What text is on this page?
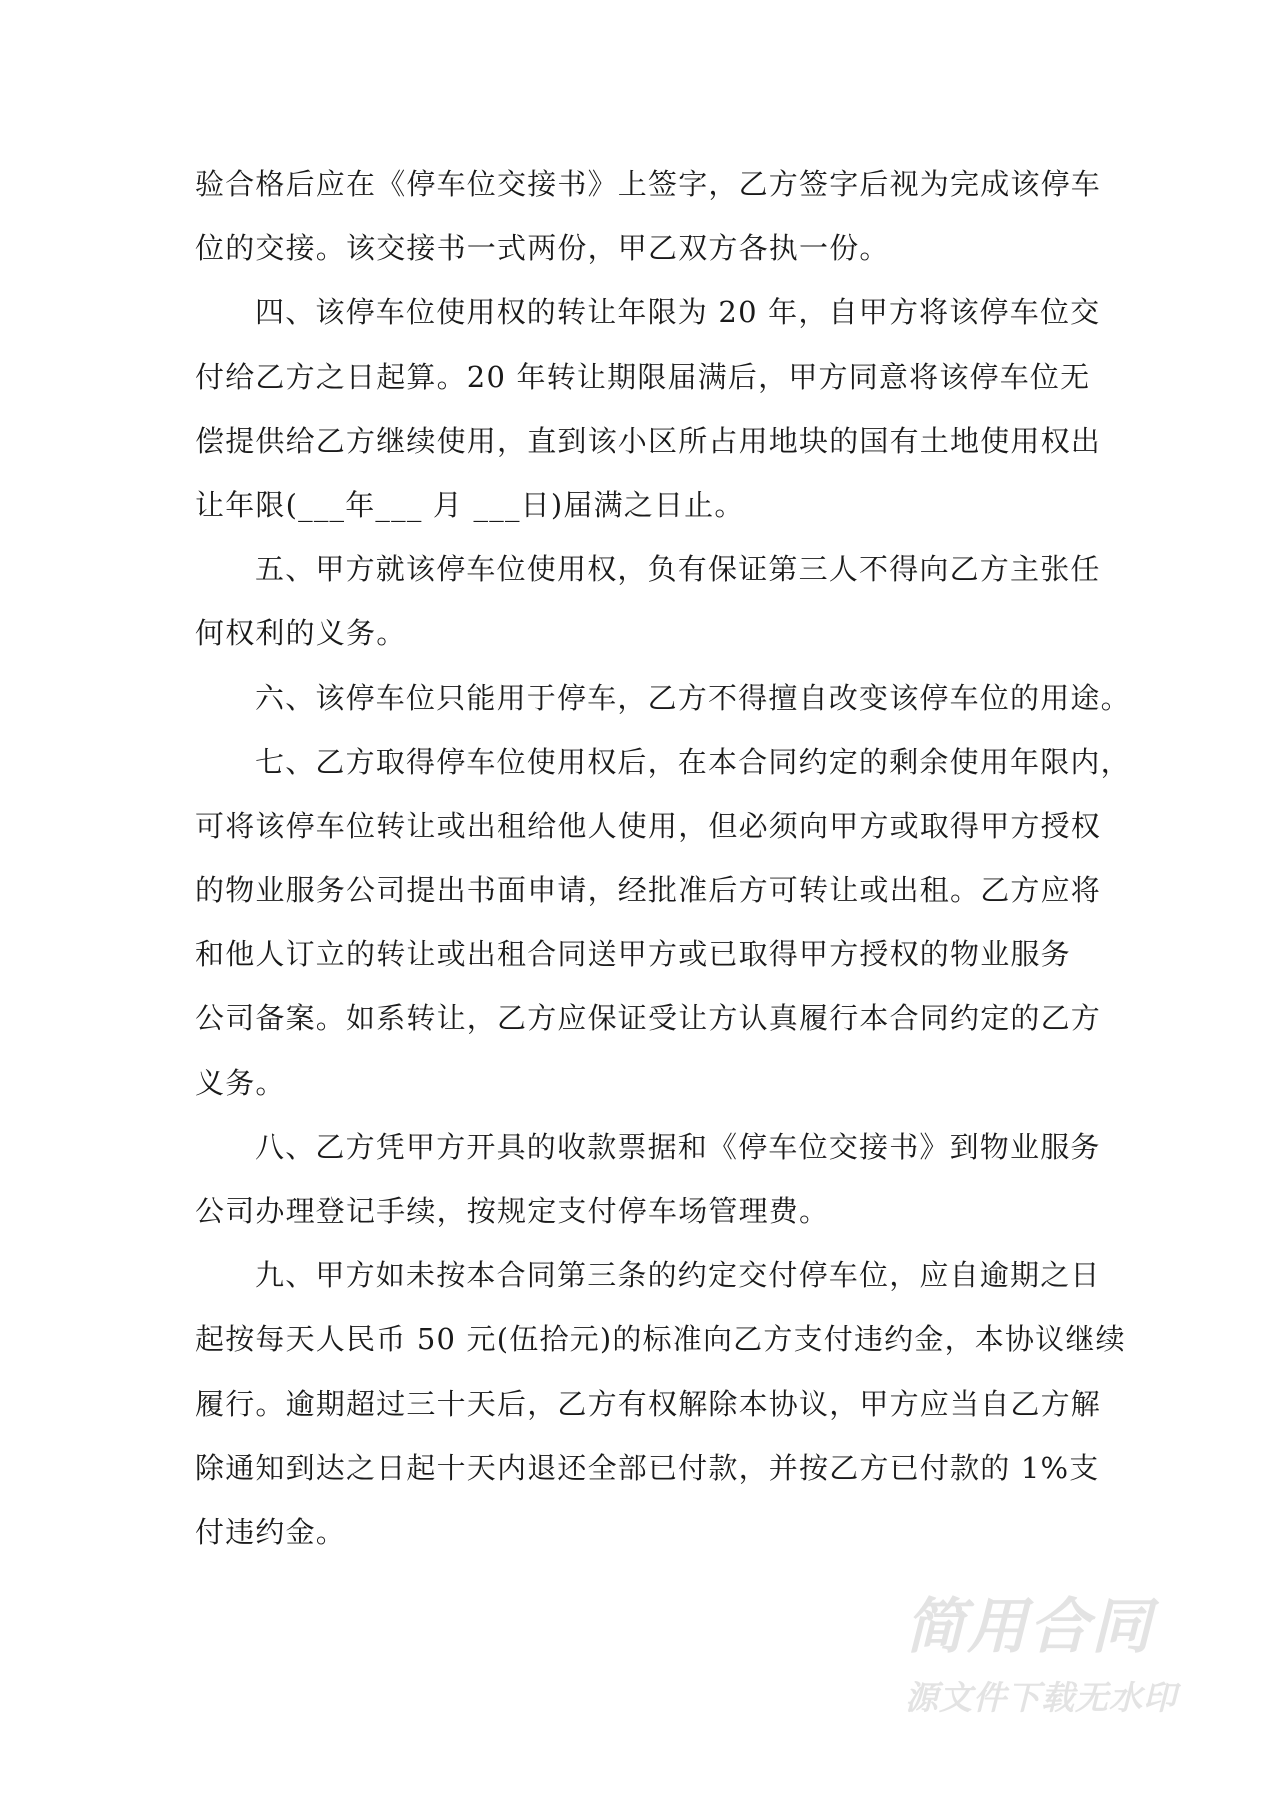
验合格后应在《停车位交接书》上签字，乙方签字后视为完成该停车
位的交接。该交接书一式两份，甲乙双方各执一份。
四、该停车位使用权的转让年限为 20 年，自甲方将该停车位交
付给乙方之日起算。20 年转让期限届满后，甲方同意将该停车位无
偿提供给乙方继续使用，直到该小区所占用地块的国有土地使用权出
让年限(___年___ 月 ___日)届满之日止。
五、甲方就该停车位使用权，负有保证第三人不得向乙方主张任
何权利的义务。
六、该停车位只能用于停车，乙方不得擅自改变该停车位的用途。
七、乙方取得停车位使用权后，在本合同约定的剩余使用年限内，
可将该停车位转让或出租给他人使用，但必须向甲方或取得甲方授权
的物业服务公司提出书面申请，经批准后方可转让或出租。乙方应将
和他人订立的转让或出租合同送甲方或已取得甲方授权的物业服务
公司备案。如系转让，乙方应保证受让方认真履行本合同约定的乙方
义务。
八、乙方凭甲方开具的收款票据和《停车位交接书》到物业服务
公司办理登记手续，按规定支付停车场管理费。
九、甲方如未按本合同第三条的约定交付停车位，应自逾期之日
起按每天人民币 50 元(伍拾元)的标准向乙方支付违约金，本协议继续
履行。逾期超过三十天后，乙方有权解除本协议，甲方应当自乙方解
除通知到达之日起十天内退还全部已付款，并按乙方已付款的 1%支
付违约金。
简用合同
源文件下载无水印
